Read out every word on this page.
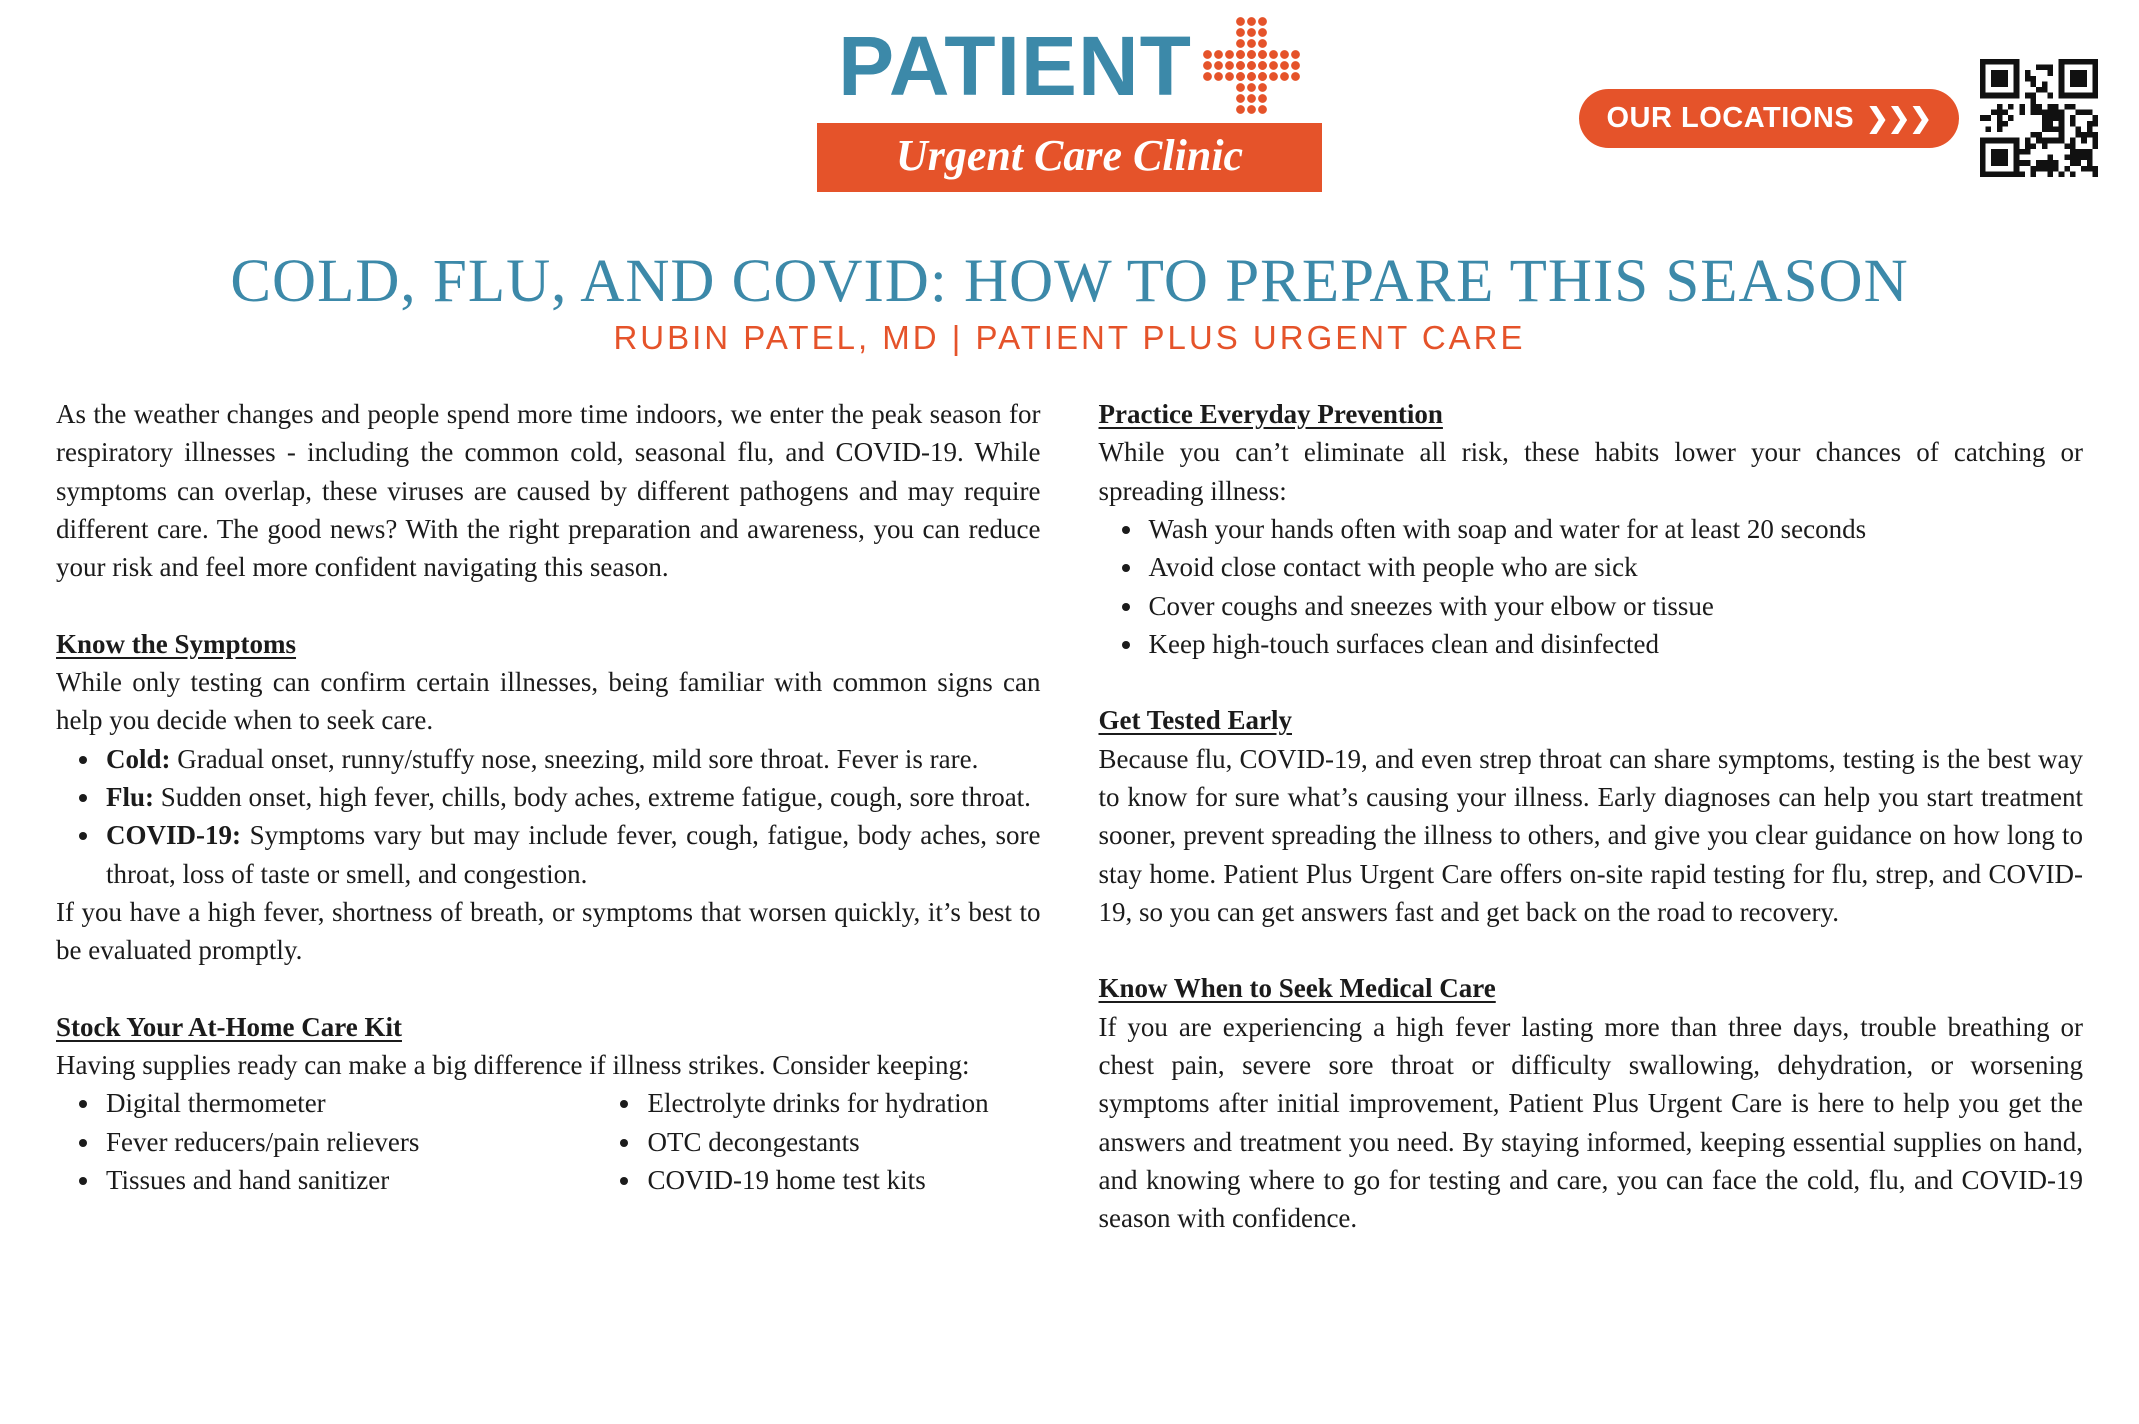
PATIENT
Urgent Care Clinic
OUR LOCATIONS ❯❯❯
COLD, FLU, AND COVID: HOW TO PREPARE THIS SEASON
RUBIN PATEL, MD | PATIENT PLUS URGENT CARE

As the weather changes and people spend more time indoors, we enter the peak season for respiratory illnesses - including the common cold, seasonal flu, and COVID-19. While symptoms can overlap, these viruses are caused by different pathogens and may require different care. The good news? With the right preparation and awareness, you can reduce your risk and feel more confident navigating this season.

Know the Symptoms

While only testing can confirm certain illnesses, being familiar with common signs can help you decide when to seek care.

• Cold: Gradual onset, runny/stuffy nose, sneezing, mild sore throat. Fever is rare.
• Flu: Sudden onset, high fever, chills, body aches, extreme fatigue, cough, sore throat.
• COVID-19: Symptoms vary but may include fever, cough, fatigue, body aches, sore throat, loss of taste or smell, and congestion.

If you have a high fever, shortness of breath, or symptoms that worsen quickly, it’s best to be evaluated promptly.

Stock Your At-Home Care Kit

Having supplies ready can make a big difference if illness strikes. Consider keeping:

• Digital thermometer
• Fever reducers/pain relievers
• Tissues and hand sanitizer
• Electrolyte drinks for hydration
• OTC decongestants
• COVID-19 home test kits
Practice Everyday Prevention

While you can’t eliminate all risk, these habits lower your chances of catching or spreading illness:

• Wash your hands often with soap and water for at least 20 seconds
• Avoid close contact with people who are sick
• Cover coughs and sneezes with your elbow or tissue
• Keep high-touch surfaces clean and disinfected
Get Tested Early

Because flu, COVID-19, and even strep throat can share symptoms, testing is the best way to know for sure what’s causing your illness. Early diagnoses can help you start treatment sooner, prevent spreading the illness to others, and give you clear guidance on how long to stay home. Patient Plus Urgent Care offers on-site rapid testing for flu, strep, and COVID-19, so you can get answers fast and get back on the road to recovery.

Know When to Seek Medical Care

If you are experiencing a high fever lasting more than three days, trouble breathing or chest pain, severe sore throat or difficulty swallowing, dehydration, or worsening symptoms after initial improvement, Patient Plus Urgent Care is here to help you get the answers and treatment you need. By staying informed, keeping essential supplies on hand, and knowing where to go for testing and care, you can face the cold, flu, and COVID-19 season with confidence.
